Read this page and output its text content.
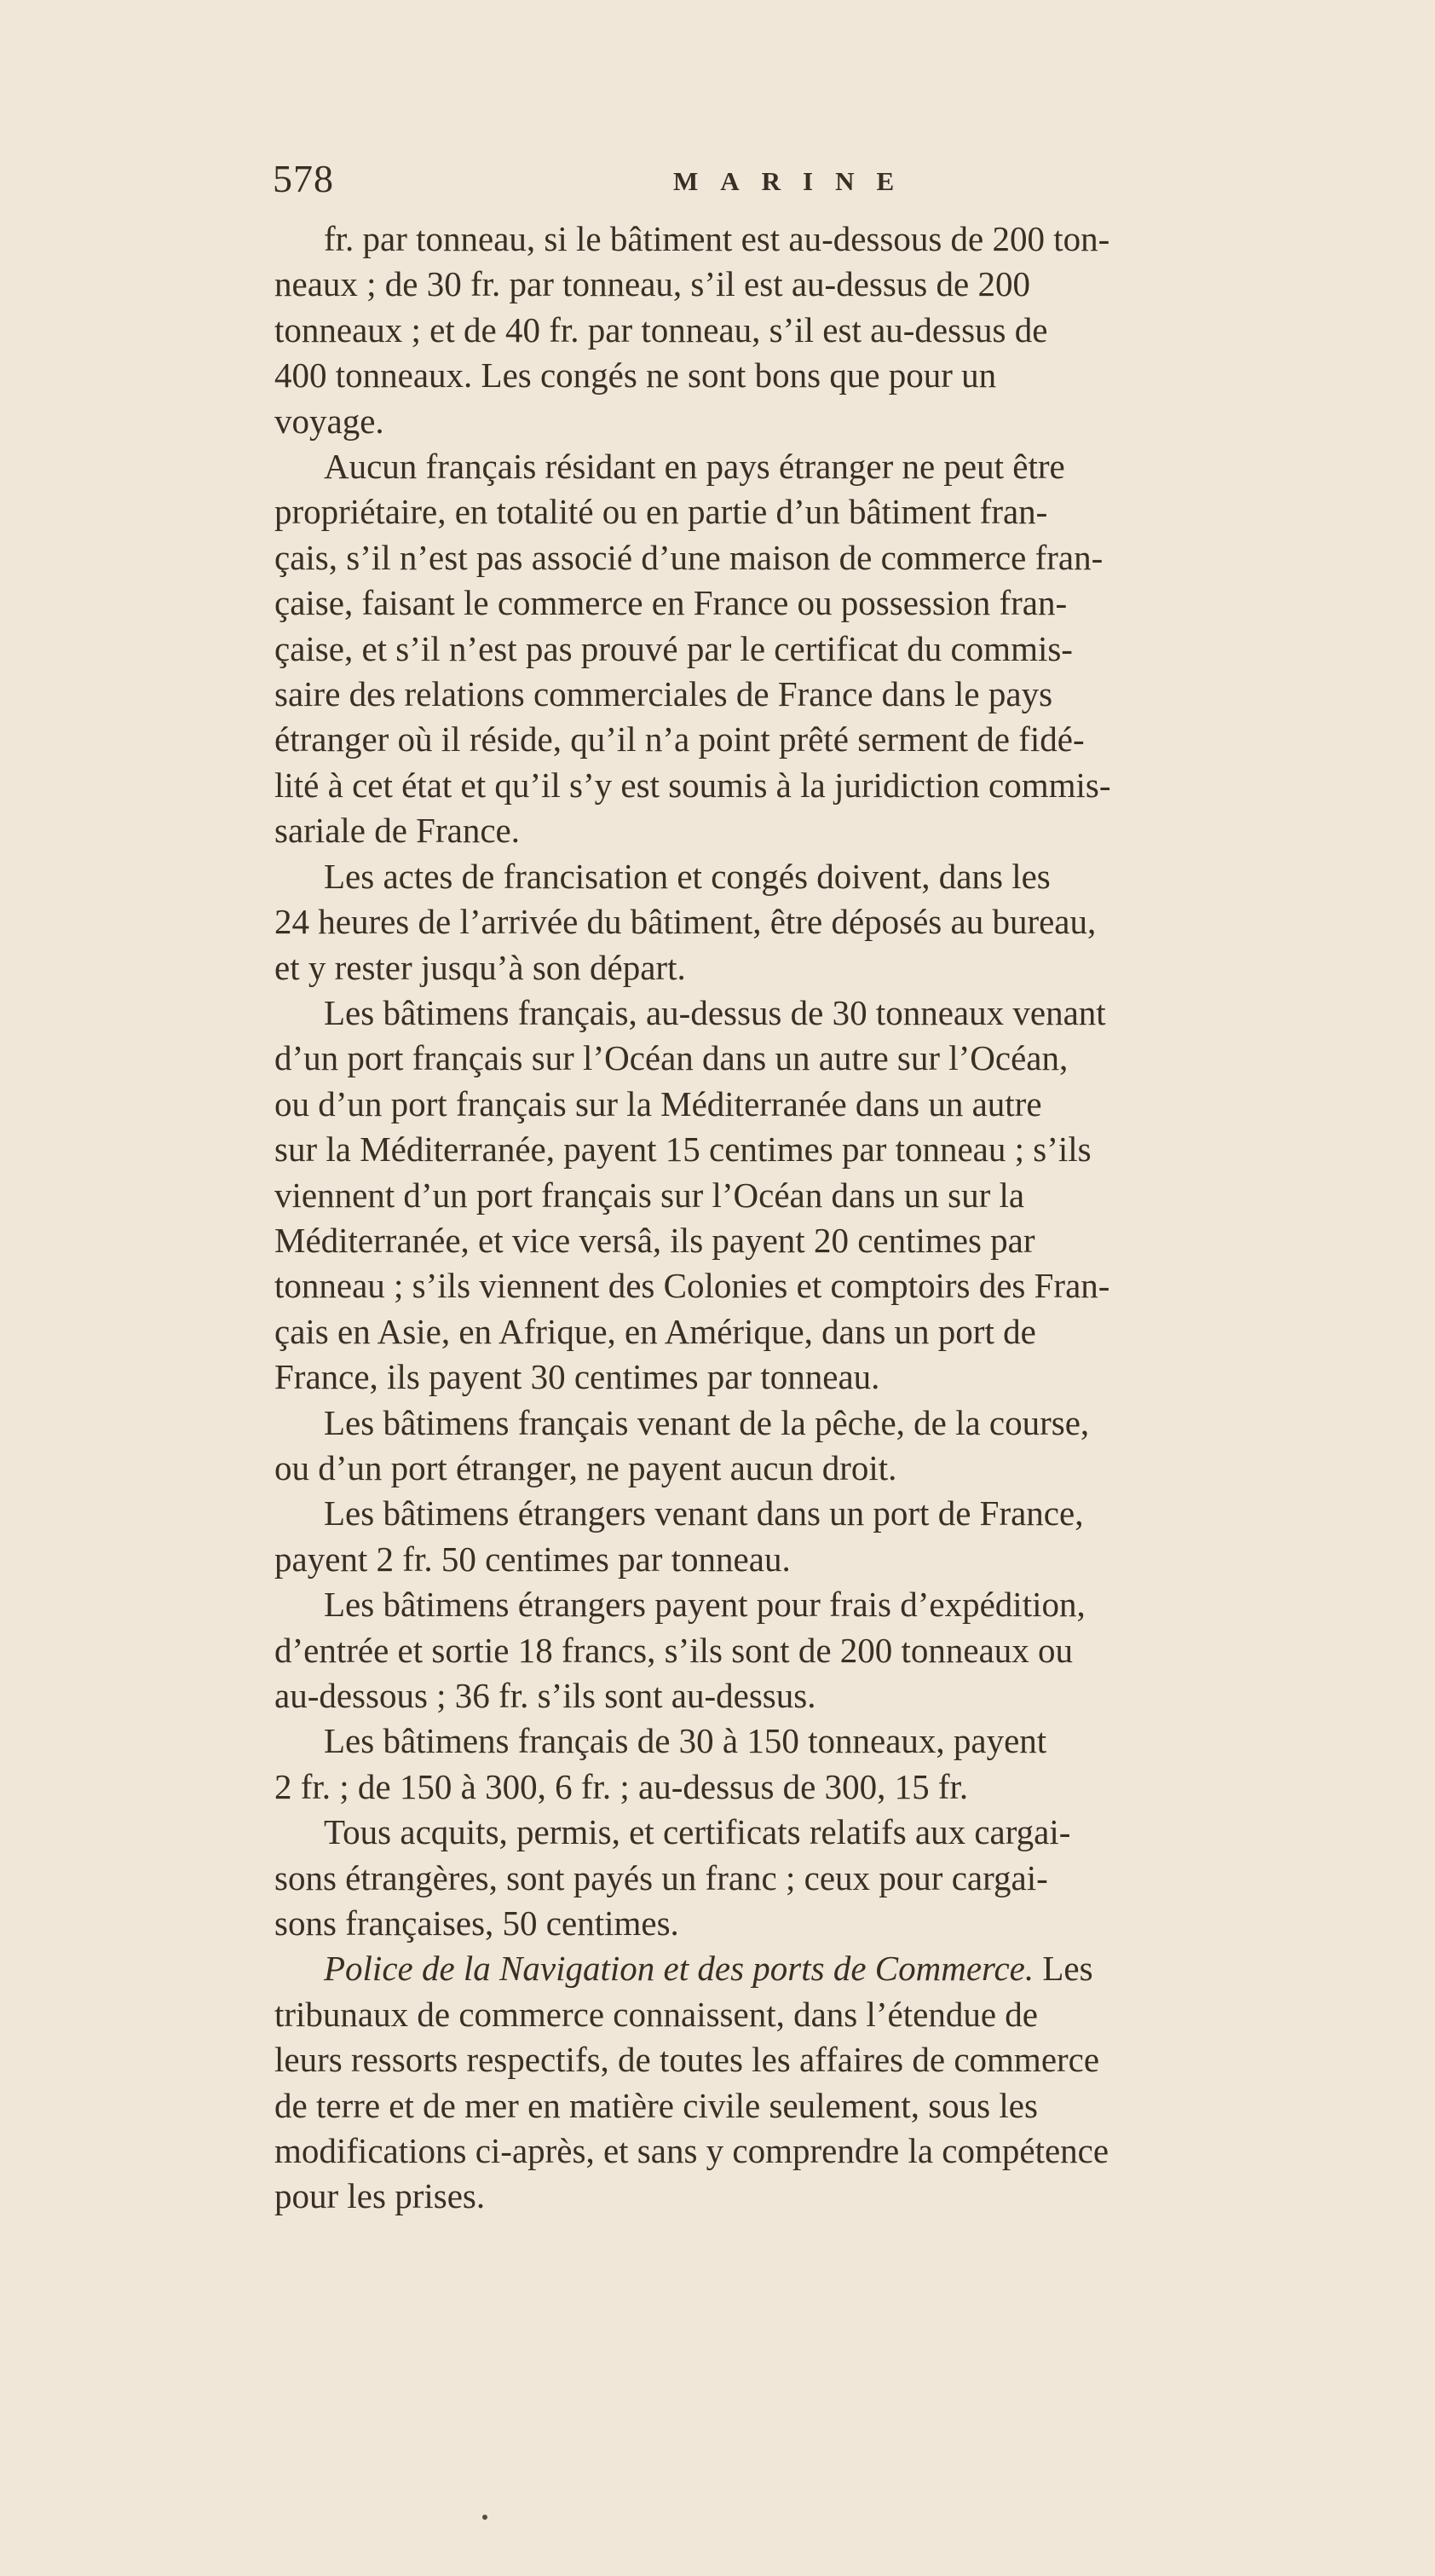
578	MARINE

fr. par tonneau, si le bâtiment est au-dessous de 200 ton-
neaux ; de 30 fr. par tonneau, s’il est au-dessus de 200
tonneaux ; et de 40 fr. par tonneau, s’il est au-dessus de
400 tonneaux. Les congés ne sont bons que pour un
voyage.

Aucun français résidant en pays étranger ne peut être
propriétaire, en totalité ou en partie d’un bâtiment fran-
çais, s’il n’est pas associé d’une maison de commerce fran-
çaise, faisant le commerce en France ou possession fran-
çaise, et s’il n’est pas prouvé par le certificat du commis-
saire des relations commerciales de France dans le pays
étranger où il réside, qu’il n’a point prêté serment de fidé-
lité à cet état et qu’il s’y est soumis à la juridiction commis-
sariale de France.

Les actes de francisation et congés doivent, dans les
24 heures de l’arrivée du bâtiment, être déposés au bureau,
et y rester jusqu’à son départ.

Les bâtimens français, au-dessus de 30 tonneaux venant
d’un port français sur l’Océan dans un autre sur l’Océan,
ou d’un port français sur la Méditerranée dans un autre
sur la Méditerranée, payent 15 centimes par tonneau ; s’ils
viennent d’un port français sur l’Océan dans un sur la
Méditerranée, et vice versâ, ils payent 20 centimes par
tonneau ; s’ils viennent des Colonies et comptoirs des Fran-
çais en Asie, en Afrique, en Amérique, dans un port de
France, ils payent 30 centimes par tonneau.

Les bâtimens français venant de la pêche, de la course,
ou d’un port étranger, ne payent aucun droit.

Les bâtimens étrangers venant dans un port de France,
payent 2 fr. 50 centimes par tonneau.

Les bâtimens étrangers payent pour frais d’expédition,
d’entrée et sortie 18 francs, s’ils sont de 200 tonneaux ou
au-dessous ; 36 fr. s’ils sont au-dessus.

Les bâtimens français de 30 à 150 tonneaux, payent
2 fr. ; de 150 à 300, 6 fr. ; au-dessus de 300, 15 fr.

Tous acquits, permis, et certificats relatifs aux cargai-
sons étrangères, sont payés un franc ; ceux pour cargai-
sons françaises, 50 centimes.

Police de la Navigation et des ports de Commerce. Les
tribunaux de commerce connaissent, dans l’étendue de
leurs ressorts respectifs, de toutes les affaires de commerce
de terre et de mer en matière civile seulement, sous les
modifications ci-après, et sans y comprendre la compétence
pour les prises.
